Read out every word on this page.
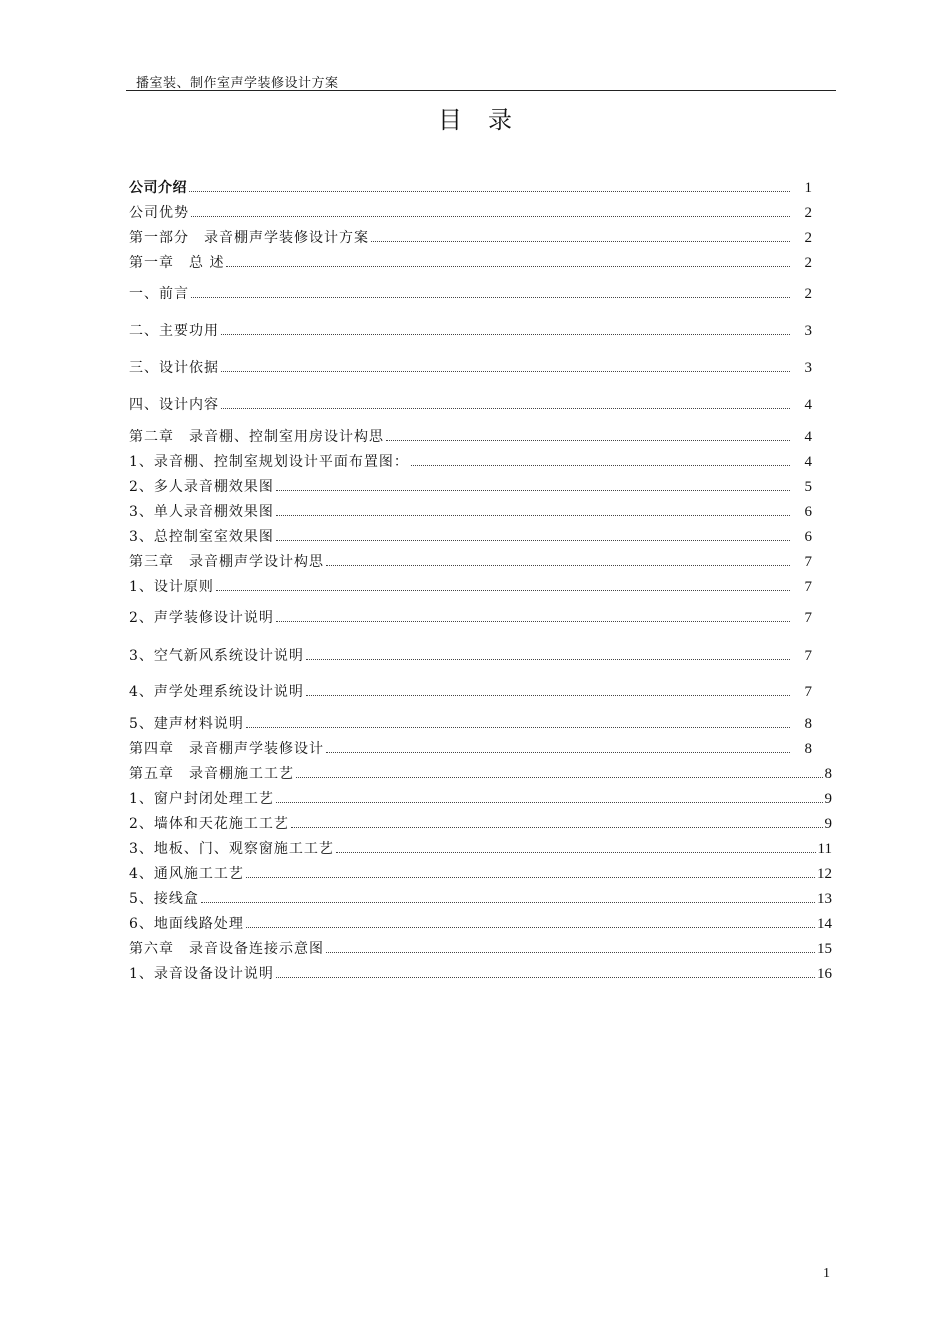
播室装、制作室声学装修设计方案
目录
公司介绍	1
公司优势	2
第一部分　录音棚声学装修设计方案	2
第一章　总 述	2
一、前言	2
二、主要功用	3
三、设计依据	3
四、设计内容	4
第二章　录音棚、控制室用房设计构思	4
1、录音棚、控制室规划设计平面布置图：	4
2、多人录音棚效果图	5
3、单人录音棚效果图	6
3、总控制室室效果图	6
第三章　录音棚声学设计构思	7
1、设计原则	7
2、声学装修设计说明	7
3、空气新风系统设计说明	7
4、声学处理系统设计说明	7
5、建声材料说明	8
第四章　录音棚声学装修设计	8
第五章　录音棚施工工艺	8
1、窗户封闭处理工艺	9
2、墙体和天花施工工艺	9
3、地板、门、观察窗施工工艺	11
4、通风施工工艺	12
5、接线盒	13
6、地面线路处理	14
第六章　录音设备连接示意图	15
1、录音设备设计说明	16
1
